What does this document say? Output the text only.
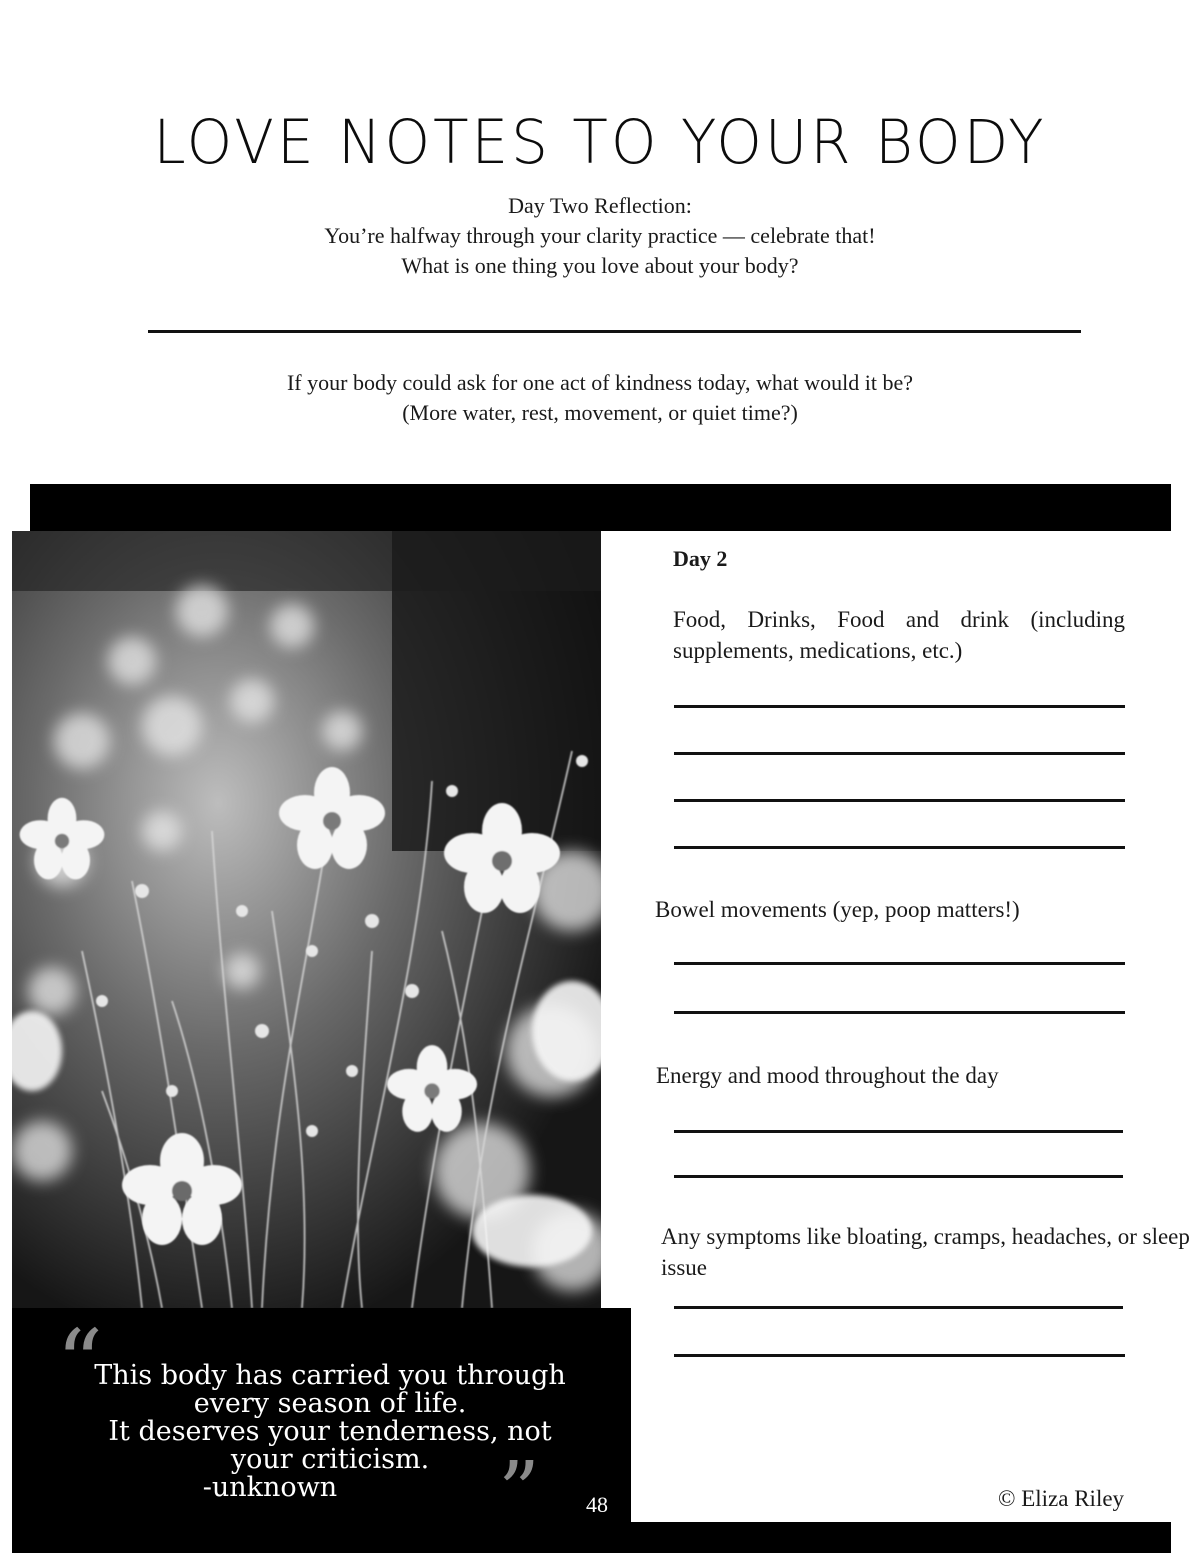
LOVE NOTES TO YOUR BODY
Day Two Reflection:
You’re halfway through your clarity practice — celebrate that!
What is one thing you love about your body?
If your body could ask for one act of kindness today, what would it be?
(More water, rest, movement, or quiet time?)
“
This body has carried you through
every season of life.
It deserves your tenderness, not
your criticism.
-unknown	” 48
Day 2
Food, Drinks, Food and drink (including supplements, medications, etc.)
Bowel movements (yep, poop matters!)
Energy and mood throughout the day
Any symptoms like bloating, cramps, headaches, or sleep issue
© Eliza Riley
